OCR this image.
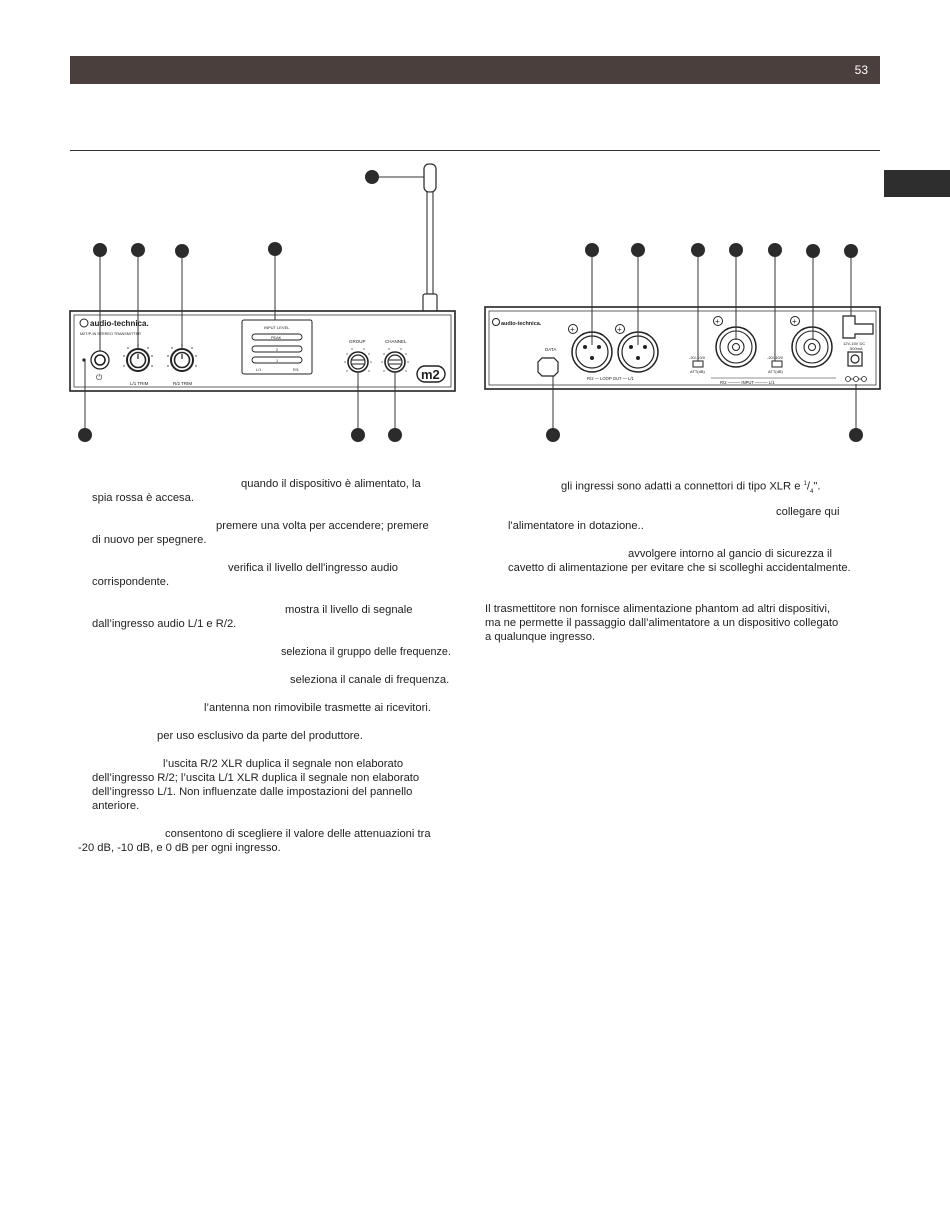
53
audio-technica.
M2T/P-IN STEREO TRANSMITTER
⏻
L/1 TRIM	R/2 TRIM
INPUT LEVEL
PEAK
2
1
L/1	R/1
GROUP	CHANNEL
m2
audio-technica.
DATA
+	+
R/2 — LOOP OUT — L/1
-20/-10/0
ATT(dB)
+
-20/-10/0
ATT(dB)
+
R/2 ——— INPUT ——— L/1
12V-15V DC
500mA
quando il dispositivo è alimentato, la
spia rossa è accesa.
premere una volta per accendere; premere
di nuovo per spegnere.
verifica il livello dell'ingresso audio
corrispondente.
mostra il livello di segnale
dall’ingresso audio L/1 e R/2.
seleziona il gruppo delle frequenze.
seleziona il canale di frequenza.
l’antenna non rimovibile trasmette ai ricevitori.
per uso esclusivo da parte del produttore.
l’uscita R/2 XLR duplica il segnale non elaborato
dell’ingresso R/2; l’uscita L/1 XLR duplica il segnale non elaborato
dell’ingresso L/1. Non influenzate dalle impostazioni del pannello
anteriore.
consentono di scegliere il valore delle attenuazioni tra
-20 dB, -10 dB, e 0 dB per ogni ingresso.
gli ingressi sono adatti a connettori di tipo XLR e $^1/_4$".
collegare qui
l'alimentatore in dotazione..
avvolgere intorno al gancio di sicurezza il
cavetto di alimentazione per evitare che si scolleghi accidentalmente.
Il trasmettitore non fornisce alimentazione phantom ad altri dispositivi,
ma ne permette il passaggio dall’alimentatore a un dispositivo collegato
a qualunque ingresso.
